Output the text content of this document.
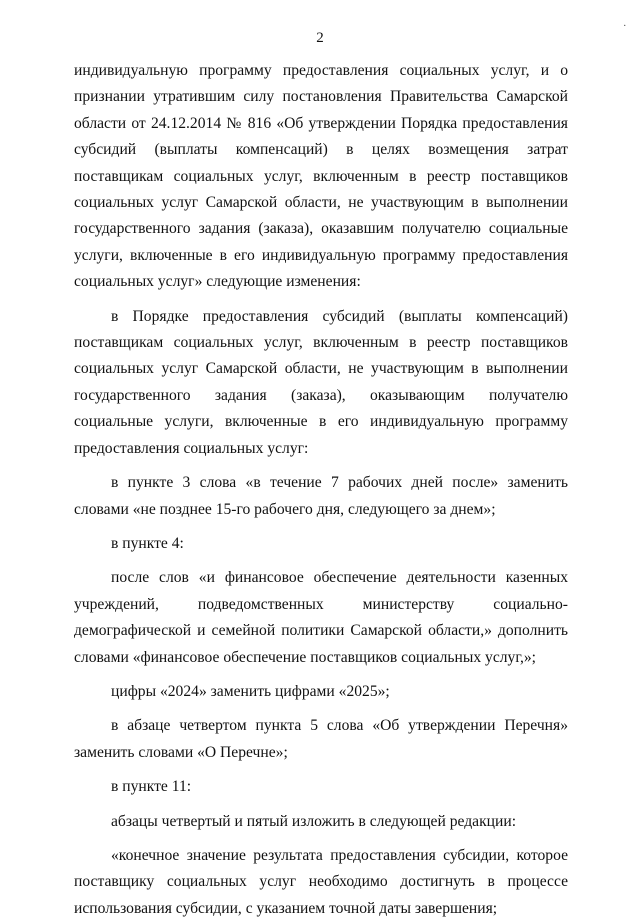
2
.

индивидуальную программу предоставления социальных услуг, и о признании утратившим силу постановления Правительства Самарской области от 24.12.2014 № 816 «Об утверждении Порядка предоставления субсидий (выплаты компенсаций) в целях возмещения затрат поставщикам социальных услуг, включенным в реестр поставщиков социальных услуг Самарской области, не участвующим в выполнении государственного задания (заказа), оказавшим получателю социальные услуги, включенные в его индивидуальную программу предоставления социальных услуг» следующие изменения:

в Порядке предоставления субсидий (выплаты компенсаций) поставщикам социальных услуг, включенным в реестр поставщиков социальных услуг Самарской области, не участвующим в выполнении государственного задания (заказа), оказывающим получателю социальные услуги, включенные в его индивидуальную программу предоставления социальных услуг:

в пункте 3 слова «в течение 7 рабочих дней после» заменить словами «не позднее 15-го рабочего дня, следующего за днем»;

в пункте 4:

после слов «и финансовое обеспечение деятельности казенных учреждений, подведомственных министерству социально-демографической и семейной политики Самарской области,» дополнить словами «финансовое обеспечение поставщиков социальных услуг,»;

цифры «2024» заменить цифрами «2025»;

в абзаце четвертом пункта 5 слова «Об утверждении Перечня» заменить словами «О Перечне»;

в пункте 11:

абзацы четвертый и пятый изложить в следующей редакции:

«конечное значение результата предоставления субсидии, которое поставщику социальных услуг необходимо достигнуть в процессе использования субсидии, с указанием точной даты завершения;
